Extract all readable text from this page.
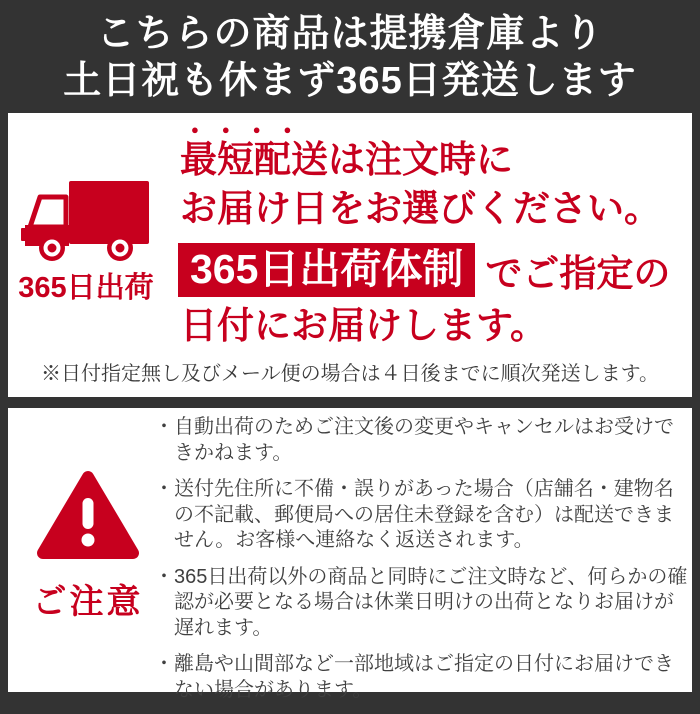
こちらの商品は提携倉庫より
土日祝も休まず365日発送します
365日出荷
●●●●
最短配送は注文時に
お届け日をお選びください。
365日出荷体制 でご指定の
日付にお届けします。
※日付指定無し及びメール便の場合は４日後までに順次発送します。
ご注意
・ 自動出荷のためご注文後の変更やキャンセルはお受けできかねます。
・ 送付先住所に不備・誤りがあった場合（店舗名・建物名の不記載、郵便局への居住未登録を含む）は配送できません。お客様へ連絡なく返送されます。
・ 365日出荷以外の商品と同時にご注文時など、何らかの確認が必要となる場合は休業日明けの出荷となりお届けが遅れます。
・ 離島や山間部など一部地域はご指定の日付にお届けできない場合があります。
